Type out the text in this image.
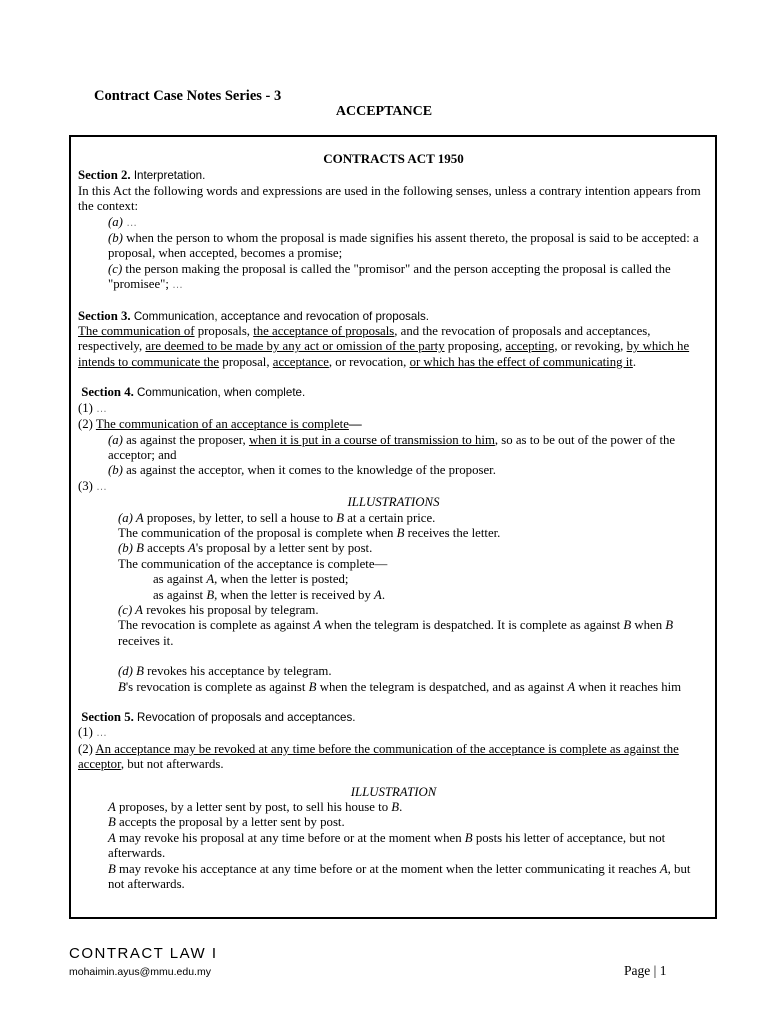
Contract Case Notes Series - 3
ACCEPTANCE
CONTRACTS ACT 1950
Section 2. Interpretation.
In this Act the following words and expressions are used in the following senses, unless a contrary intention appears from the context:
(a) …
(b) when the person to whom the proposal is made signifies his assent thereto, the proposal is said to be accepted: a proposal, when accepted, becomes a promise;
(c) the person making the proposal is called the "promisor" and the person accepting the proposal is called the "promisee"; …
Section 3. Communication, acceptance and revocation of proposals.
The communication of proposals, the acceptance of proposals, and the revocation of proposals and acceptances, respectively, are deemed to be made by any act or omission of the party proposing, accepting, or revoking, by which he intends to communicate the proposal, acceptance, or revocation, or which has the effect of communicating it.
Section 4. Communication, when complete.
(1) …
(2) The communication of an acceptance is complete—
(a) as against the proposer, when it is put in a course of transmission to him, so as to be out of the power of the acceptor; and
(b) as against the acceptor, when it comes to the knowledge of the proposer.
(3) …
ILLUSTRATIONS
(a) A proposes, by letter, to sell a house to B at a certain price.
The communication of the proposal is complete when B receives the letter.
(b) B accepts A's proposal by a letter sent by post.
The communication of the acceptance is complete—
as against A, when the letter is posted;
as against B, when the letter is received by A.
(c) A revokes his proposal by telegram.
The revocation is complete as against A when the telegram is despatched. It is complete as against B when B receives it.
(d) B revokes his acceptance by telegram.
B's revocation is complete as against B when the telegram is despatched, and as against A when it reaches him
Section 5. Revocation of proposals and acceptances.
(1) …
(2) An acceptance may be revoked at any time before the communication of the acceptance is complete as against the acceptor, but not afterwards.
ILLUSTRATION
A proposes, by a letter sent by post, to sell his house to B.
B accepts the proposal by a letter sent by post.
A may revoke his proposal at any time before or at the moment when B posts his letter of acceptance, but not afterwards.
B may revoke his acceptance at any time before or at the moment when the letter communicating it reaches A, but not afterwards.
CONTRACT LAW I
mohaimin.ayus@mmu.edu.my	Page | 1
